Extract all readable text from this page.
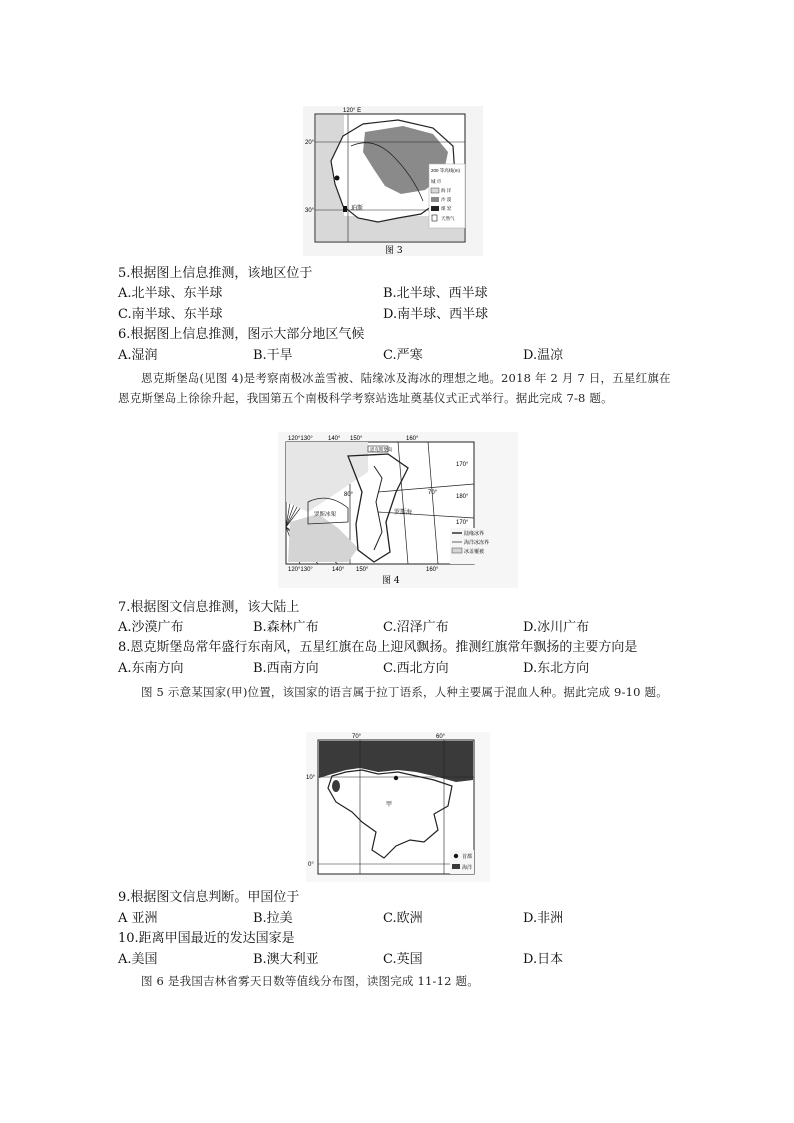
120° E
20°
30°	珀斯
200 等高线(m)
城 市
海 洋
沙 漠
煤 炭
天然气
图 3
5.根据图上信息推测，该地区位于
A.北半球、东半球	B.北半球、西半球
C.南半球、东半球	D.南半球、西半球
6.根据图上信息推测，图示大部分地区气候
A.湿润	B.干旱	C.严寒	D.温凉
恩克斯堡岛(见图 4)是考察南极冰盖雪被、陆缘冰及海冰的理想之地。2018 年 2 月 7 日，五星红旗在恩克斯堡岛上徐徐升起，我国第五个南极科学考察站选址奠基仪式正式举行。据此完成 7-8 题。
120°130°	140° 150°	160°
120°130°	140° 150°	160°
170°
180°
170°
80°	70°
恩克斯堡岛
罗斯冰架	罗斯海
陆缘冰界
海洋冰冻界
冰盖覆被
图 4
7.根据图文信息推测，该大陆上
A.沙漠广布	B.森林广布	C.沼泽广布	D.冰川广布
8.恩克斯堡岛常年盛行东南风，五星红旗在岛上迎风飘扬。推测红旗常年飘扬的主要方向是
A.东南方向	B.西南方向	C.西北方向	D.东北方向
图 5 示意某国家(甲)位置，该国家的语言属于拉丁语系，人种主要属于混血人种。据此完成 9-10 题。
70°	60°
10°
0°
甲
首都
海洋
9.根据图文信息判断。甲国位于
A 亚洲	B.拉美	C.欧洲	D.非洲
10.距离甲国最近的发达国家是
A.美国	B.澳大利亚	C.英国	D.日本
图 6 是我国吉林省雾天日数等值线分布图，读图完成 11-12 题。
